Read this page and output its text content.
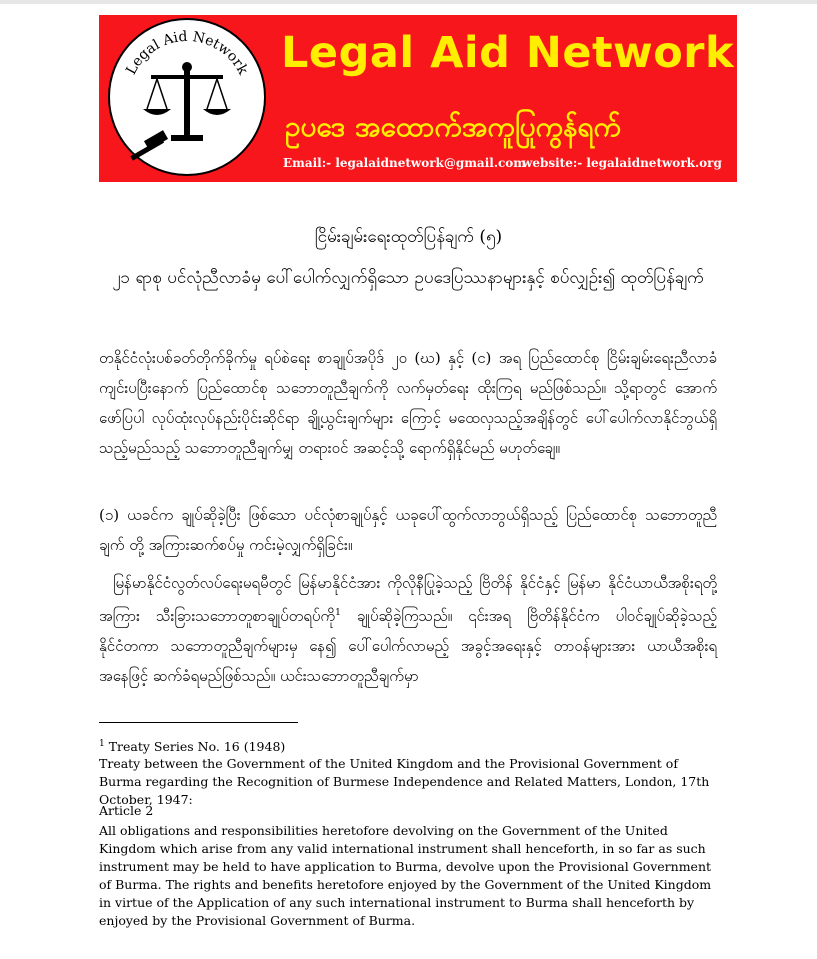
Legal Aid Network Legal Aid Network
ဥပဒေ အထောက်အကူပြုကွန်ရက်
Email:- legalaidnetwork@gmail.com
website:- legalaidnetwork.org
ငြိမ်းချမ်းရေးထုတ်ပြန်ချက် (၅)
၂၁ ရာစု ပင်လုံညီလာခံမှ ပေါ်ပေါက်လျှက်ရှိသော ဥပဒေပြဿနာများနှင့် စပ်လျှဉ်း၍ ထုတ်ပြန်ချက်
တနိုင်ငံလုံးပစ်ခတ်တိုက်ခိုက်မှု ရပ်စဲရေး စာချုပ်အပိုဒ် ၂၀ (ဃ) နှင့် (င) အရ ပြည်ထောင်စု ငြိမ်းချမ်းရေးညီလာခံကျင်းပပြီးနောက် ပြည်ထောင်စု သဘောတူညီချက်ကို လက်မှတ်ရေး ထိုးကြရ မည်ဖြစ်သည်။ သို့ရာတွင် အောက်ဖော်ပြပါ လုပ်ထုံးလုပ်နည်းပိုင်းဆိုင်ရာ ချို့ယွင်းချက်များ ကြောင့် မထေလှသည့်အချိန်တွင် ပေါ်ပေါက်လာနိုင်ဘွယ်ရှိသည့်မည်သည့် သဘောတူညီချက်မျှ တရားဝင် အဆင့်သို့ ရောက်ရှိနိုင်မည် မဟုတ်ချေ။
(၁) ယခင်က ချုပ်ဆိုခဲ့ပြီး ဖြစ်သော ပင်လုံစာချုပ်နှင့် ယခုပေါ်ထွက်လာဘွယ်ရှိသည့် ပြည်ထောင်စု သဘောတူညီချက် တို့ အကြားဆက်စပ်မှု ကင်းမဲ့လျှက်ရှိခြင်း။
မြန်မာနိုင်ငံလွတ်လပ်ရေးမရမီတွင် မြန်မာနိုင်ငံအား ကိုလိုနီပြုခဲ့သည့် ဗြိတိန် နိုင်ငံနှင့် မြန်မာ နိုင်ငံယာယီအစိုးရတို့အကြား သီးခြားသဘောတူစာချုပ်တရပ်ကို$^1$ ချုပ်ဆိုခဲ့ကြသည်။ ၎င်းအရ ဗြိတိန်နိုင်ငံက ပါဝင်ချုပ်ဆိုခဲ့သည့် နိုင်ငံတကာ သဘောတူညီချက်များမှ နေ၍ ပေါ်ပေါက်လာမည့် အခွင့်အရေးနှင့် တာဝန်များအား ယာယီအစိုးရအနေဖြင့် ဆက်ခံရမည်ဖြစ်သည်။ ယင်းသဘောတူညီချက်မှာ
$^1$ Treaty Series No. 16 (1948)
Treaty between the Government of the United Kingdom and the Provisional Government of Burma regarding the Recognition of Burmese Independence and Related Matters, London, 17th October, 1947:
Article 2
All obligations and responsibilities heretofore devolving on the Government of the United Kingdom which arise from any valid international instrument shall henceforth, in so far as such instrument may be held to have application to Burma, devolve upon the Provisional Government of Burma. The rights and benefits heretofore enjoyed by the Government of the United Kingdom in virtue of the Application of any such international instrument to Burma shall henceforth by enjoyed by the Provisional Government of Burma.
